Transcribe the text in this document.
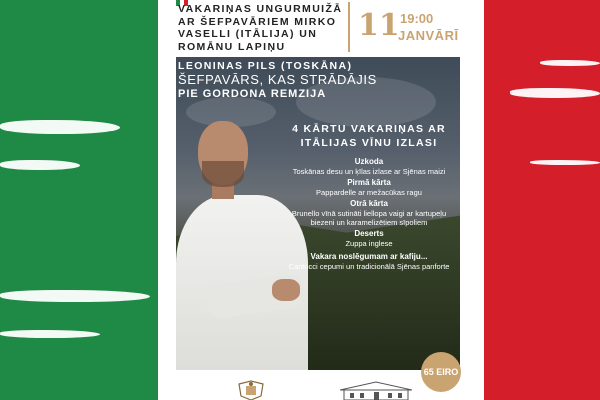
VAKARIŅAS UNGURMUIŽĀ AR ŠEFPAVĀRIEM MIRKO VASELLI (ITĀLIJA) UN ROMĀNU LAPIŅU
11 19:00
JANVĀRĪ
LEONINAS PILS (TOSKĀNA)
ŠEFPAVĀRS, KAS STRĀDĀJIS
PIE GORDONA REMZIJA
4 KĀRTU VAKARIŅAS AR ITĀLIJAS VĪNU IZLASI
Uzkoda
Toskānas desu un ķīlas izlase ar Sjēnas maizi
Pirmā kārta
Pappardelle ar mežacūkas ragu
Otrā kārta
Brunello vīnā sutināti liellopa vaigi ar kartupeļu biezeni un karamelizētiem sīpoliem
Deserts
Zuppa inglese
Vakara noslēgumam ar kafiju...
Cantucci cepumi un tradicionālā Sjēnas panforte
65 EIRO
